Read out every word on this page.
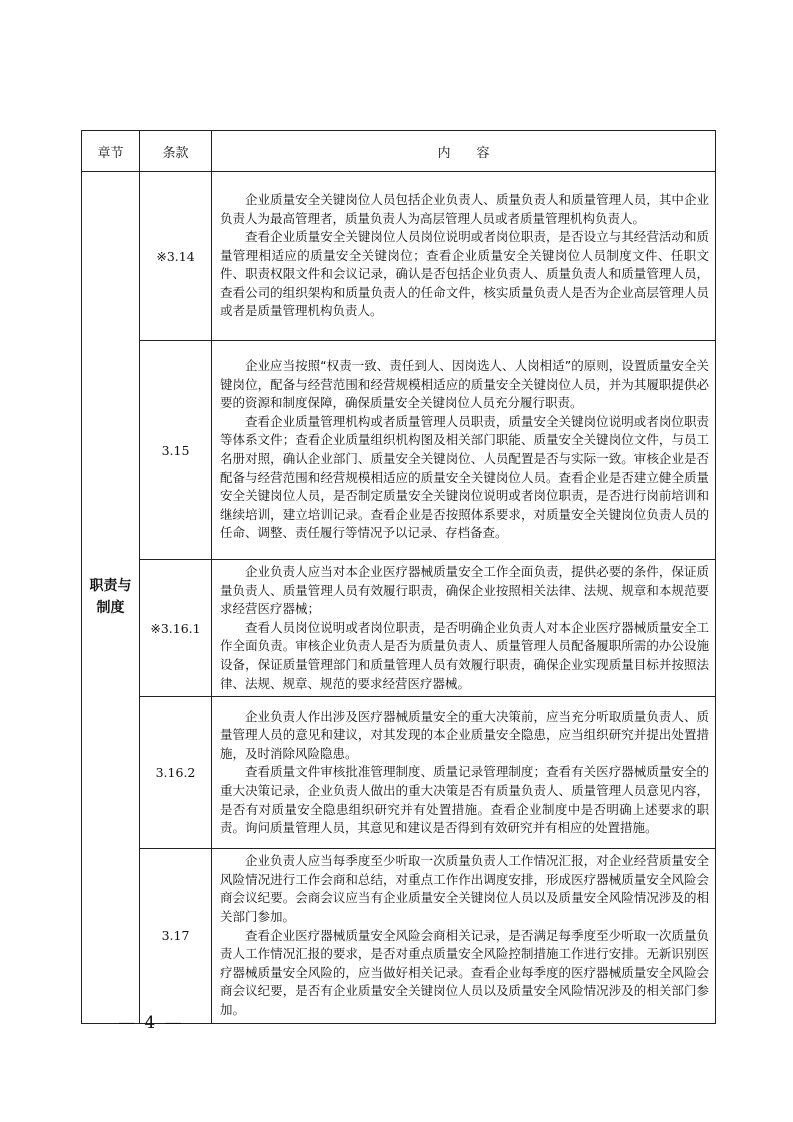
章节	条款	内　　容
职责与制度	※3.14	企业质量安全关键岗位人员包括企业负责人、质量负责人和质量管理人员，其中企业负责人为最高管理者，质量负责人为高层管理人员或者质量管理机构负责人。

查看企业质量安全关键岗位人员岗位说明或者岗位职责，是否设立与其经营活动和质量管理相适应的质量安全关键岗位；查看企业质量安全关键岗位人员制度文件、任职文件、职责权限文件和会议记录，确认是否包括企业负责人、质量负责人和质量管理人员，查看公司的组织架构和质量负责人的任命文件，核实质量负责人是否为企业高层管理人员或者是质量管理机构负责人。

	3.15	企业应当按照“权责一致、责任到人、因岗选人、人岗相适”的原则，设置质量安全关键岗位，配备与经营范围和经营规模相适应的质量安全关键岗位人员，并为其履职提供必要的资源和制度保障，确保质量安全关键岗位人员充分履行职责。

查看企业质量管理机构或者质量管理人员职责，质量安全关键岗位说明或者岗位职责等体系文件；查看企业质量组织机构图及相关部门职能、质量安全关键岗位文件，与员工名册对照，确认企业部门、质量安全关键岗位、人员配置是否与实际一致。审核企业是否配备与经营范围和经营规模相适应的质量安全关键岗位人员。查看企业是否建立健全质量安全关键岗位人员，是否制定质量安全关键岗位说明或者岗位职责，是否进行岗前培训和继续培训，建立培训记录。查看企业是否按照体系要求，对质量安全关键岗位负责人员的任命、调整、责任履行等情况予以记录、存档备查。

	※3.16.1	企业负责人应当对本企业医疗器械质量安全工作全面负责，提供必要的条件，保证质量负责人、质量管理人员有效履行职责，确保企业按照相关法律、法规、规章和本规范要求经营医疗器械；

查看人员岗位说明或者岗位职责，是否明确企业负责人对本企业医疗器械质量安全工作全面负责。审核企业负责人是否为质量负责人、质量管理人员配备履职所需的办公设施设备，保证质量管理部门和质量管理人员有效履行职责，确保企业实现质量目标并按照法律、法规、规章、规范的要求经营医疗器械。

	3.16.2	企业负责人作出涉及医疗器械质量安全的重大决策前，应当充分听取质量负责人、质量管理人员的意见和建议，对其发现的本企业质量安全隐患，应当组织研究并提出处置措施，及时消除风险隐患。

查看质量文件审核批准管理制度、质量记录管理制度；查看有关医疗器械质量安全的重大决策记录，企业负责人做出的重大决策是否有质量负责人、质量管理人员意见内容，是否有对质量安全隐患组织研究并有处置措施。查看企业制度中是否明确上述要求的职责。询问质量管理人员，其意见和建议是否得到有效研究并有相应的处置措施。

	3.17	企业负责人应当每季度至少听取一次质量负责人工作情况汇报，对企业经营质量安全风险情况进行工作会商和总结，对重点工作作出调度安排，形成医疗器械质量安全风险会商会议纪要。会商会议应当有企业质量安全关键岗位人员以及质量安全风险情况涉及的相关部门参加。

查看企业医疗器械质量安全风险会商相关记录，是否满足每季度至少听取一次质量负责人工作情况汇报的要求，是否对重点质量安全风险控制措施工作进行安排。无新识别医疗器械质量安全风险的，应当做好相关记录。查看企业每季度的医疗器械质量安全风险会商会议纪要，是否有企业质量安全关键岗位人员以及质量安全风险情况涉及的相关部门参加。

— 4 —
